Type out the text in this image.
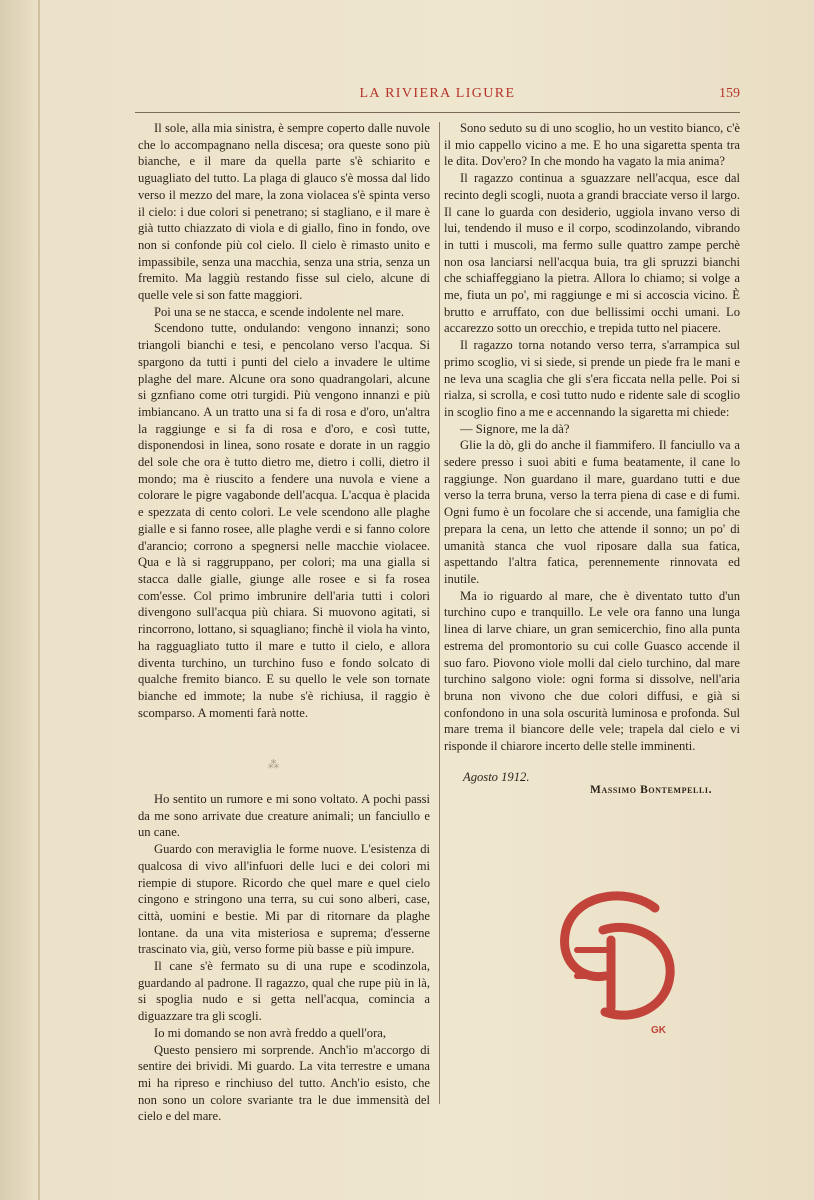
LA RIVIERA LIGURE	159

Il sole, alla mia sinistra, è sempre coperto dalle nuvole che lo accompagnano nella discesa; ora queste sono più bianche, e il mare da quella parte s'è schiarito e uguagliato del tutto. La plaga di glauco s'è mossa dal lido verso il mezzo del mare, la zona violacea s'è spinta verso il cielo: i due colori si penetrano; si stagliano, e il mare è già tutto chiazzato di viola e di giallo, fino in fondo, ove non si confonde più col cielo. Il cielo è rimasto unito e impassibile, senza una macchia, senza una stria, senza un fremito. Ma laggiù restando fisse sul cielo, alcune di quelle vele si son fatte maggiori.

Poi una se ne stacca, e scende indolente nel mare.

Scendono tutte, ondulando: vengono innanzi; sono triangoli bianchi e tesi, e pencolano verso l'acqua. Si spargono da tutti i punti del cielo a invadere le ultime plaghe del mare. Alcune ora sono quadrangolari, alcune si gznfiano come otri turgidi. Più vengono innanzi e più imbiancano. A un tratto una si fa di rosa e d'oro, un'altra la raggiunge e si fa di rosa e d'oro, e così tutte, disponendosi in linea, sono rosate e dorate in un raggio del sole che ora è tutto dietro me, dietro i colli, dietro il mondo; ma è riuscito a fendere una nuvola e viene a colorare le pigre vagabonde dell'acqua. L'acqua è placida e spezzata di cento colori. Le vele scendono alle plaghe gialle e si fanno rosee, alle plaghe verdi e si fanno colore d'arancio; corrono a spegnersi nelle macchie violacee. Qua e là si raggruppano, per colori; ma una gialla si stacca dalle gialle, giunge alle rosee e si fa rosea com'esse. Col primo imbrunire dell'aria tutti i colori divengono sull'acqua più chiara. Si muovono agitati, si rincorrono, lottano, si squagliano; finchè il viola ha vinto, ha ragguagliato tutto il mare e tutto il cielo, e allora diventa turchino, un turchino fuso e fondo solcato di qualche fremito bianco. E su quello le vele son tornate bianche ed immote; la nube s'è richiusa, il raggio è scomparso. A momenti farà notte.

⁂

Ho sentito un rumore e mi sono voltato. A pochi passi da me sono arrivate due creature animali; un fanciullo e un cane.

Guardo con meraviglia le forme nuove. L'esistenza di qualcosa di vivo all'infuori delle luci e dei colori mi riempie di stupore. Ricordo che quel mare e quel cielo cingono e stringono una terra, su cui sono alberi, case, città, uomini e bestie. Mi par di ritornare da plaghe lontane. da una vita misteriosa e suprema; d'esserne trascinato via, giù, verso forme più basse e più impure.

Il cane s'è fermato su di una rupe e scodinzola, guardando al padrone. Il ragazzo, qual che rupe più in là, si spoglia nudo e si getta nell'acqua, comincia a diguazzare tra gli scogli.

Io mi domando se non avrà freddo a quell'ora,

Questo pensiero mi sorprende. Anch'io m'accorgo di sentire dei brividi. Mi guardo. La vita terrestre e umana mi ha ripreso e rinchiuso del tutto. Anch'io esisto, che non sono un colore svariante tra le due immensità del cielo e del mare.

Sono seduto su di uno scoglio, ho un vestito bianco, c'è il mio cappello vicino a me. E ho una sigaretta spenta tra le dita. Dov'ero? In che mondo ha vagato la mia anima?

Il ragazzo continua a sguazzare nell'acqua, esce dal recinto degli scogli, nuota a grandi bracciate verso il largo. Il cane lo guarda con desiderio, uggiola invano verso di lui, tendendo il muso e il corpo, scodinzolando, vibrando in tutti i muscoli, ma fermo sulle quattro zampe perchè non osa lanciarsi nell'acqua buia, tra gli spruzzi bianchi che schiaffeggiano la pietra. Allora lo chiamo; si volge a me, fiuta un po', mi raggiunge e mi si accoscia vicino. È brutto e arruffato, con due bellissimi occhi umani. Lo accarezzo sotto un orecchio, e trepida tutto nel piacere.

Il ragazzo torna notando verso terra, s'arrampica sul primo scoglio, vi si siede, si prende un piede fra le mani e ne leva una scaglia che gli s'era ficcata nella pelle. Poi si rialza, si scrolla, e così tutto nudo e ridente sale di scoglio in scoglio fino a me e accennando la sigaretta mi chiede:

— Signore, me la dà?

Glie la dò, gli do anche il fiammifero. Il fanciullo va a sedere presso i suoi abiti e fuma beatamente, il cane lo raggiunge. Non guardano il mare, guardano tutti e due verso la terra bruna, verso la terra piena di case e di fumi. Ogni fumo è un focolare che si accende, una famiglia che prepara la cena, un letto che attende il sonno; un po' di umanità stanca che vuol riposare dalla sua fatica, aspettando l'altra fatica, perennemente rinnovata ed inutile.

Ma io riguardo al mare, che è diventato tutto d'un turchino cupo e tranquillo. Le vele ora fanno una lunga linea di larve chiare, un gran semicerchio, fino alla punta estrema del promontorio su cui colle Guasco accende il suo faro. Piovono viole molli dal cielo turchino, dal mare turchino salgono viole: ogni forma si dissolve, nell'aria bruna non vivono che due colori diffusi, e già si confondono in una sola oscurità luminosa e profonda. Sul mare trema il biancore delle vele; trapela dal cielo e vi risponde il chiarore incerto delle stelle imminenti.

Agosto 1912.
Massimo Bontempelli.
GK
